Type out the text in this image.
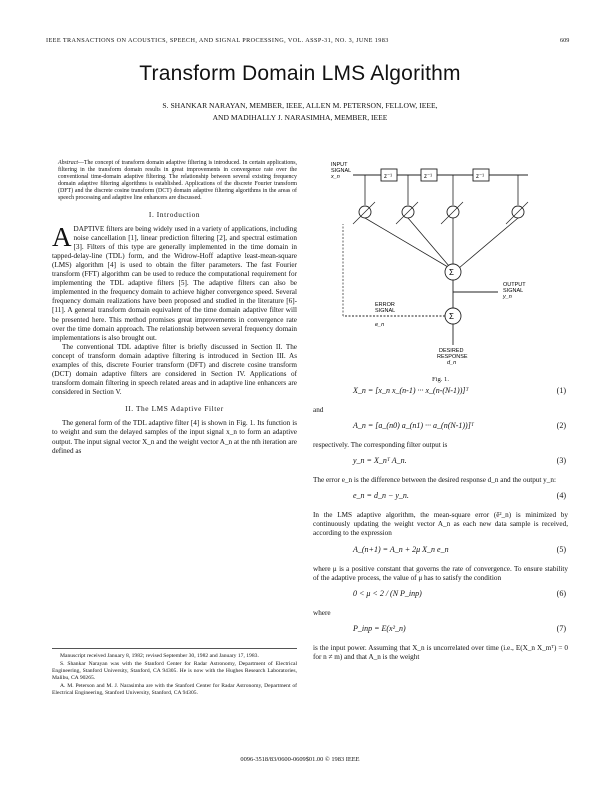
IEEE TRANSACTIONS ON ACOUSTICS, SPEECH, AND SIGNAL PROCESSING, VOL. ASSP-31, NO. 3, JUNE 1983	609
Transform Domain LMS Algorithm
S. SHANKAR NARAYAN, MEMBER, IEEE, ALLEN M. PETERSON, FELLOW, IEEE,
AND MADIHALLY J. NARASIMHA, MEMBER, IEEE

Abstract—The concept of transform domain adaptive filtering is introduced. In certain applications, filtering in the transform domain results in great improvements in convergence rate over the conventional time-domain adaptive filtering. The relationship between several existing frequency domain adaptive filtering algorithms is established. Applications of the discrete Fourier transform (DFT) and the discrete cosine transform (DCT) domain adaptive filtering algorithms in the areas of speech processing and adaptive line enhancers are discussed.

I. Introduction

ADAPTIVE filters are being widely used in a variety of applications, including noise cancellation [1], linear prediction filtering [2], and spectral estimation [3]. Filters of this type are generally implemented in the time domain in tapped-delay-line (TDL) form, and the Widrow-Hoff adaptive least-mean-square (LMS) algorithm [4] is used to obtain the filter parameters. The fast Fourier transform (FFT) algorithm can be used to reduce the computational requirement for implementing the TDL adaptive filters [5]. The adaptive filters can also be implemented in the frequency domain to achieve higher convergence speed. Several frequency domain realizations have been proposed and studied in the literature [6]-[11]. A general transform domain equivalent of the time domain adaptive filter will be presented here. This method promises great improvements in convergence rate over the time domain approach. The relationship between several frequency domain implementations is also brought out.

The conventional TDL adaptive filter is briefly discussed in Section II. The concept of transform domain adaptive filtering is introduced in Section III. As examples of this, discrete Fourier transform (DFT) and discrete cosine transform (DCT) domain adaptive filters are considered in Section IV. Applications of transform domain filtering in speech related areas and in adaptive line enhancers are considered in Section V.

II. The LMS Adaptive Filter

The general form of the TDL adaptive filter [4] is shown in Fig. 1. Its function is to weight and sum the delayed samples of the input signal x_n to form an adaptive output. The input signal vector X_n and the weight vector A_n at the nth iteration are defined as

Manuscript received January 8, 1982; revised September 30, 1982 and January 17, 1983.

S. Shankar Narayan was with the Stanford Center for Radar Astronomy, Department of Electrical Engineering, Stanford University, Stanford, CA 94305. He is now with the Hughes Research Laboratories, Malibu, CA 90265.

A. M. Peterson and M. J. Narasimha are with the Stanford Center for Radar Astronomy, Department of Electrical Engineering, Stanford University, Stanford, CA 94305.

INPUT
SIGNAL
x_n	z⁻¹	z⁻¹	z⁻¹
Σ
OUTPUT
SIGNAL
y_n
Σ
DESIRED
RESPONSE
d_n
ERROR
SIGNAL
e_n
Fig. 1.
X_n = [x_n x_(n-1) ··· x_(n-(N-1))]ᵀ	(1)

and

A_n = [a_(n0) a_(n1) ··· a_(n(N-1))]ᵀ	(2)

respectively. The corresponding filter output is

y_n = X_nᵀ A_n.	(3)

The error e_n is the difference between the desired response d_n and the output y_n:

e_n = d_n − y_n.	(4)

In the LMS adaptive algorithm, the mean-square error (ē²_n) is minimized by continuously updating the weight vector A_n as each new data sample is received, according to the expression

A_(n+1) = A_n + 2μ X_n e_n	(5)

where μ is a positive constant that governs the rate of convergence. To ensure stability of the adaptive process, the value of μ has to satisfy the condition

0 < μ < 2 / (N P_inp)	(6)

where

P_inp = E(x²_n)	(7)

is the input power. Assuming that X_n is uncorrelated over time (i.e., E(X_n X_mᵀ) = 0 for n ≠ m) and that A_n is the weight

0096-3518/83/0600-0609$01.00 © 1983 IEEE
